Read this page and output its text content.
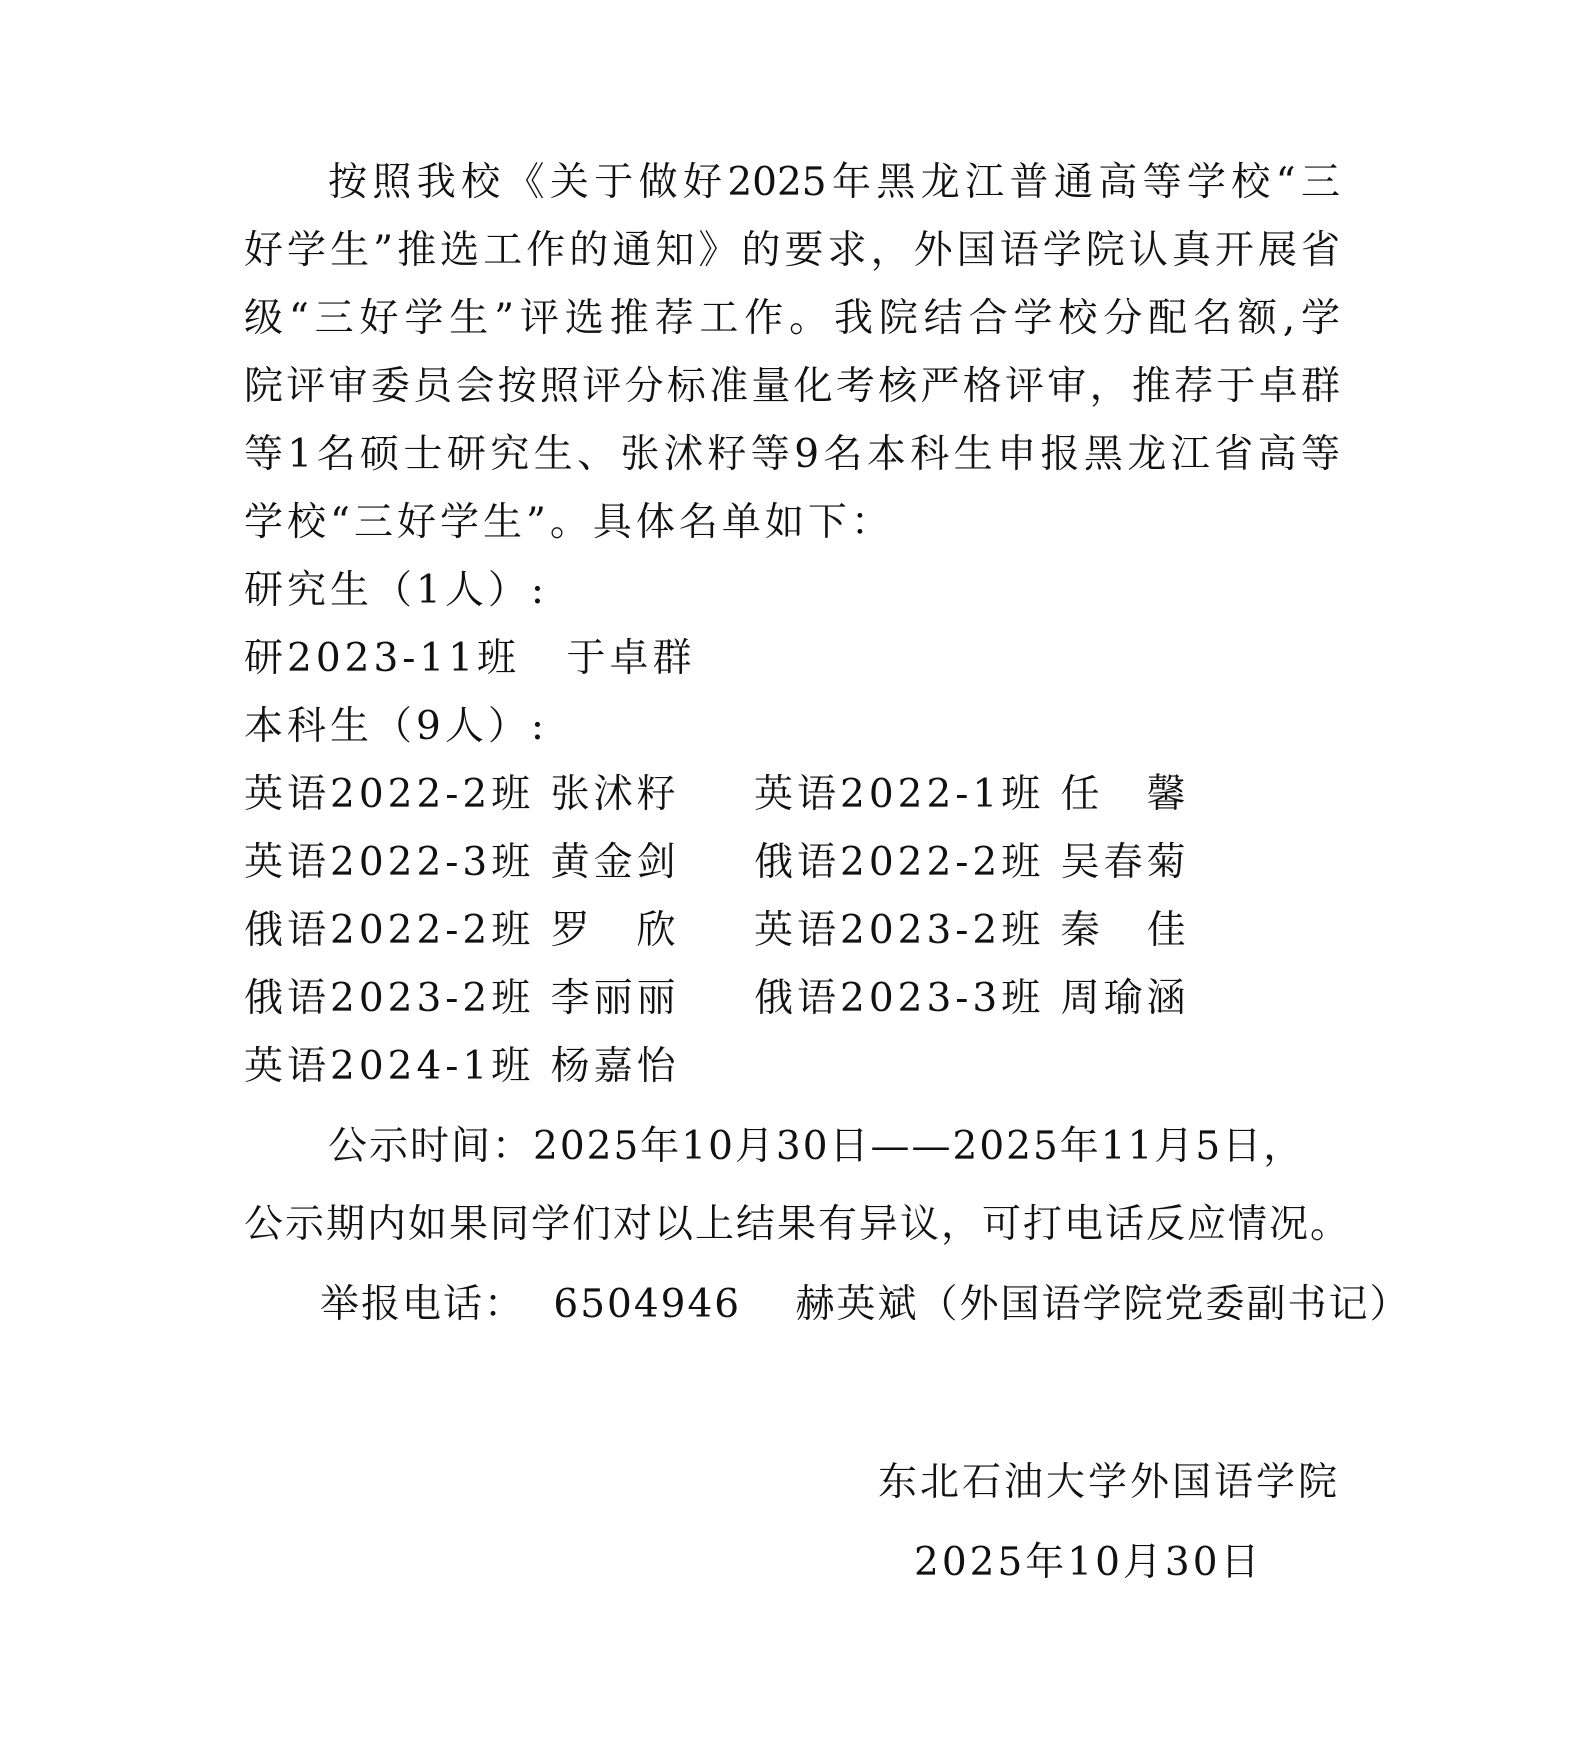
按照我校《关于做好2025年黑龙江普通高等学校“三
好学生”推选工作的通知》的要求，外国语学院认真开展省
级“三好学生”评选推荐工作。我院结合学校分配名额,学
院评审委员会按照评分标准量化考核严格评审，推荐于卓群
等1名硕士研究生、张沭籽等9名本科生申报黑龙江省高等
学校“三好学生”。具体名单如下：
研究生（1人）:
研2023-11班 于卓群
本科生（9人）:
英语2022-2班 张沭籽 英语2022-1班 任　馨
英语2022-3班 黄金剑 俄语2022-2班 吴春菊
俄语2022-2班 罗　欣 英语2023-2班 秦　佳
俄语2023-2班 李丽丽 俄语2023-3班 周瑜涵
英语2024-1班 杨嘉怡
公示时间：2025年10月30日——2025年11月5日，
公示期内如果同学们对以上结果有异议，可打电话反应情况。
举报电话： 6504946 赫英斌（外国语学院党委副书记）
东北石油大学外国语学院
2025年10月30日
